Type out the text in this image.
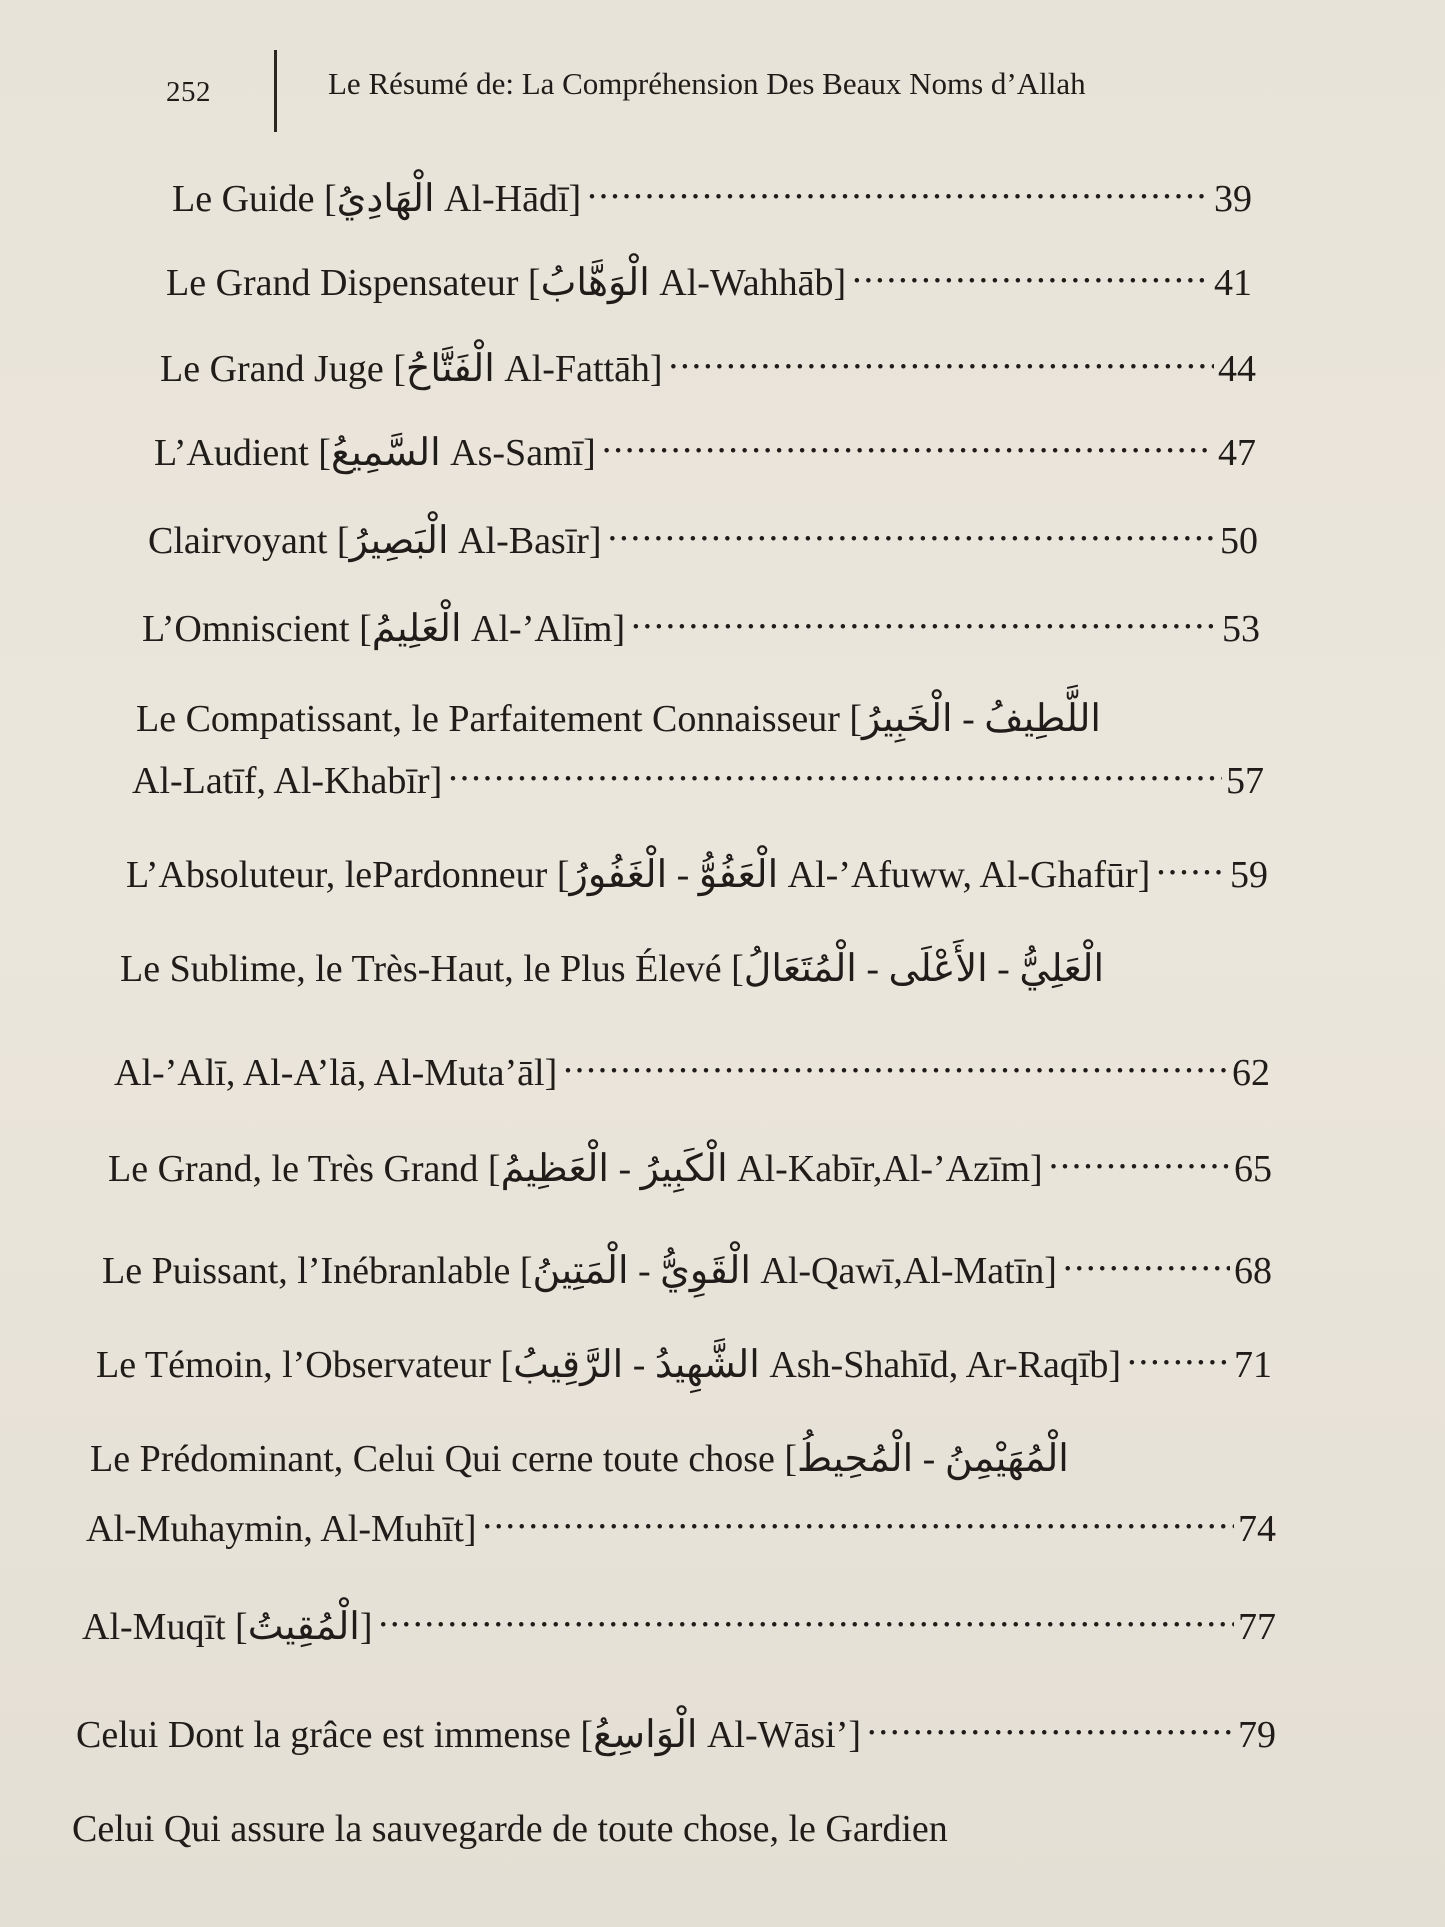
252	Le Résumé de: La Compréhension Des Beaux Noms d’Allah
Le Guide [الْهَادِيُ Al-Hādī] .....	39
Le Grand Dispensateur [الْوَهَّابُ Al-Wahhāb] .....	41
Le Grand Juge [الْفَتَّاحُ Al-Fattāh] .....	44
L’Audient [السَّمِيعُ As-Samī] .....	47
Clairvoyant [الْبَصِيرُ Al-Basīr] .....	50
L’Omniscient [الْعَلِيمُ Al-’Alīm] .....	53
Le Compatissant, le Parfaitement Connaisseur [اللَّطِيفُ - الْخَبِيرُ
Al-Latīf, Al-Khabīr] .....	57
L’Absoluteur, lePardonneur [الْعَفُوُّ - الْغَفُورُ Al-’Afuww, Al-Ghafūr] ..... 59
Le Sublime, le Très-Haut, le Plus Élevé [الْعَلِيُّ - الأَعْلَى - الْمُتَعَالُ
Al-’Alī, Al-A’lā, Al-Muta’āl] .....	62
Le Grand, le Très Grand [الْكَبِيرُ - الْعَظِيمُ Al-Kabīr,Al-’Azīm] .....	65
Le Puissant, l’Inébranlable [الْقَوِيُّ - الْمَتِينُ Al-Qawī,Al-Matīn] .....	68
Le Témoin, l’Observateur [الشَّهِيدُ - الرَّقِيبُ Ash-Shahīd, Ar-Raqīb] .....	71
Le Prédominant, Celui Qui cerne toute chose [الْمُهَيْمِنُ - الْمُحِيطُ
Al-Muhaymin, Al-Muhīt] .....	74
Al-Muqīt [الْمُقِيتُ] .....	77
Celui Dont la grâce est immense [الْوَاسِعُ Al-Wāsi’] .....	79
Celui Qui assure la sauvegarde de toute chose, le Gardien
